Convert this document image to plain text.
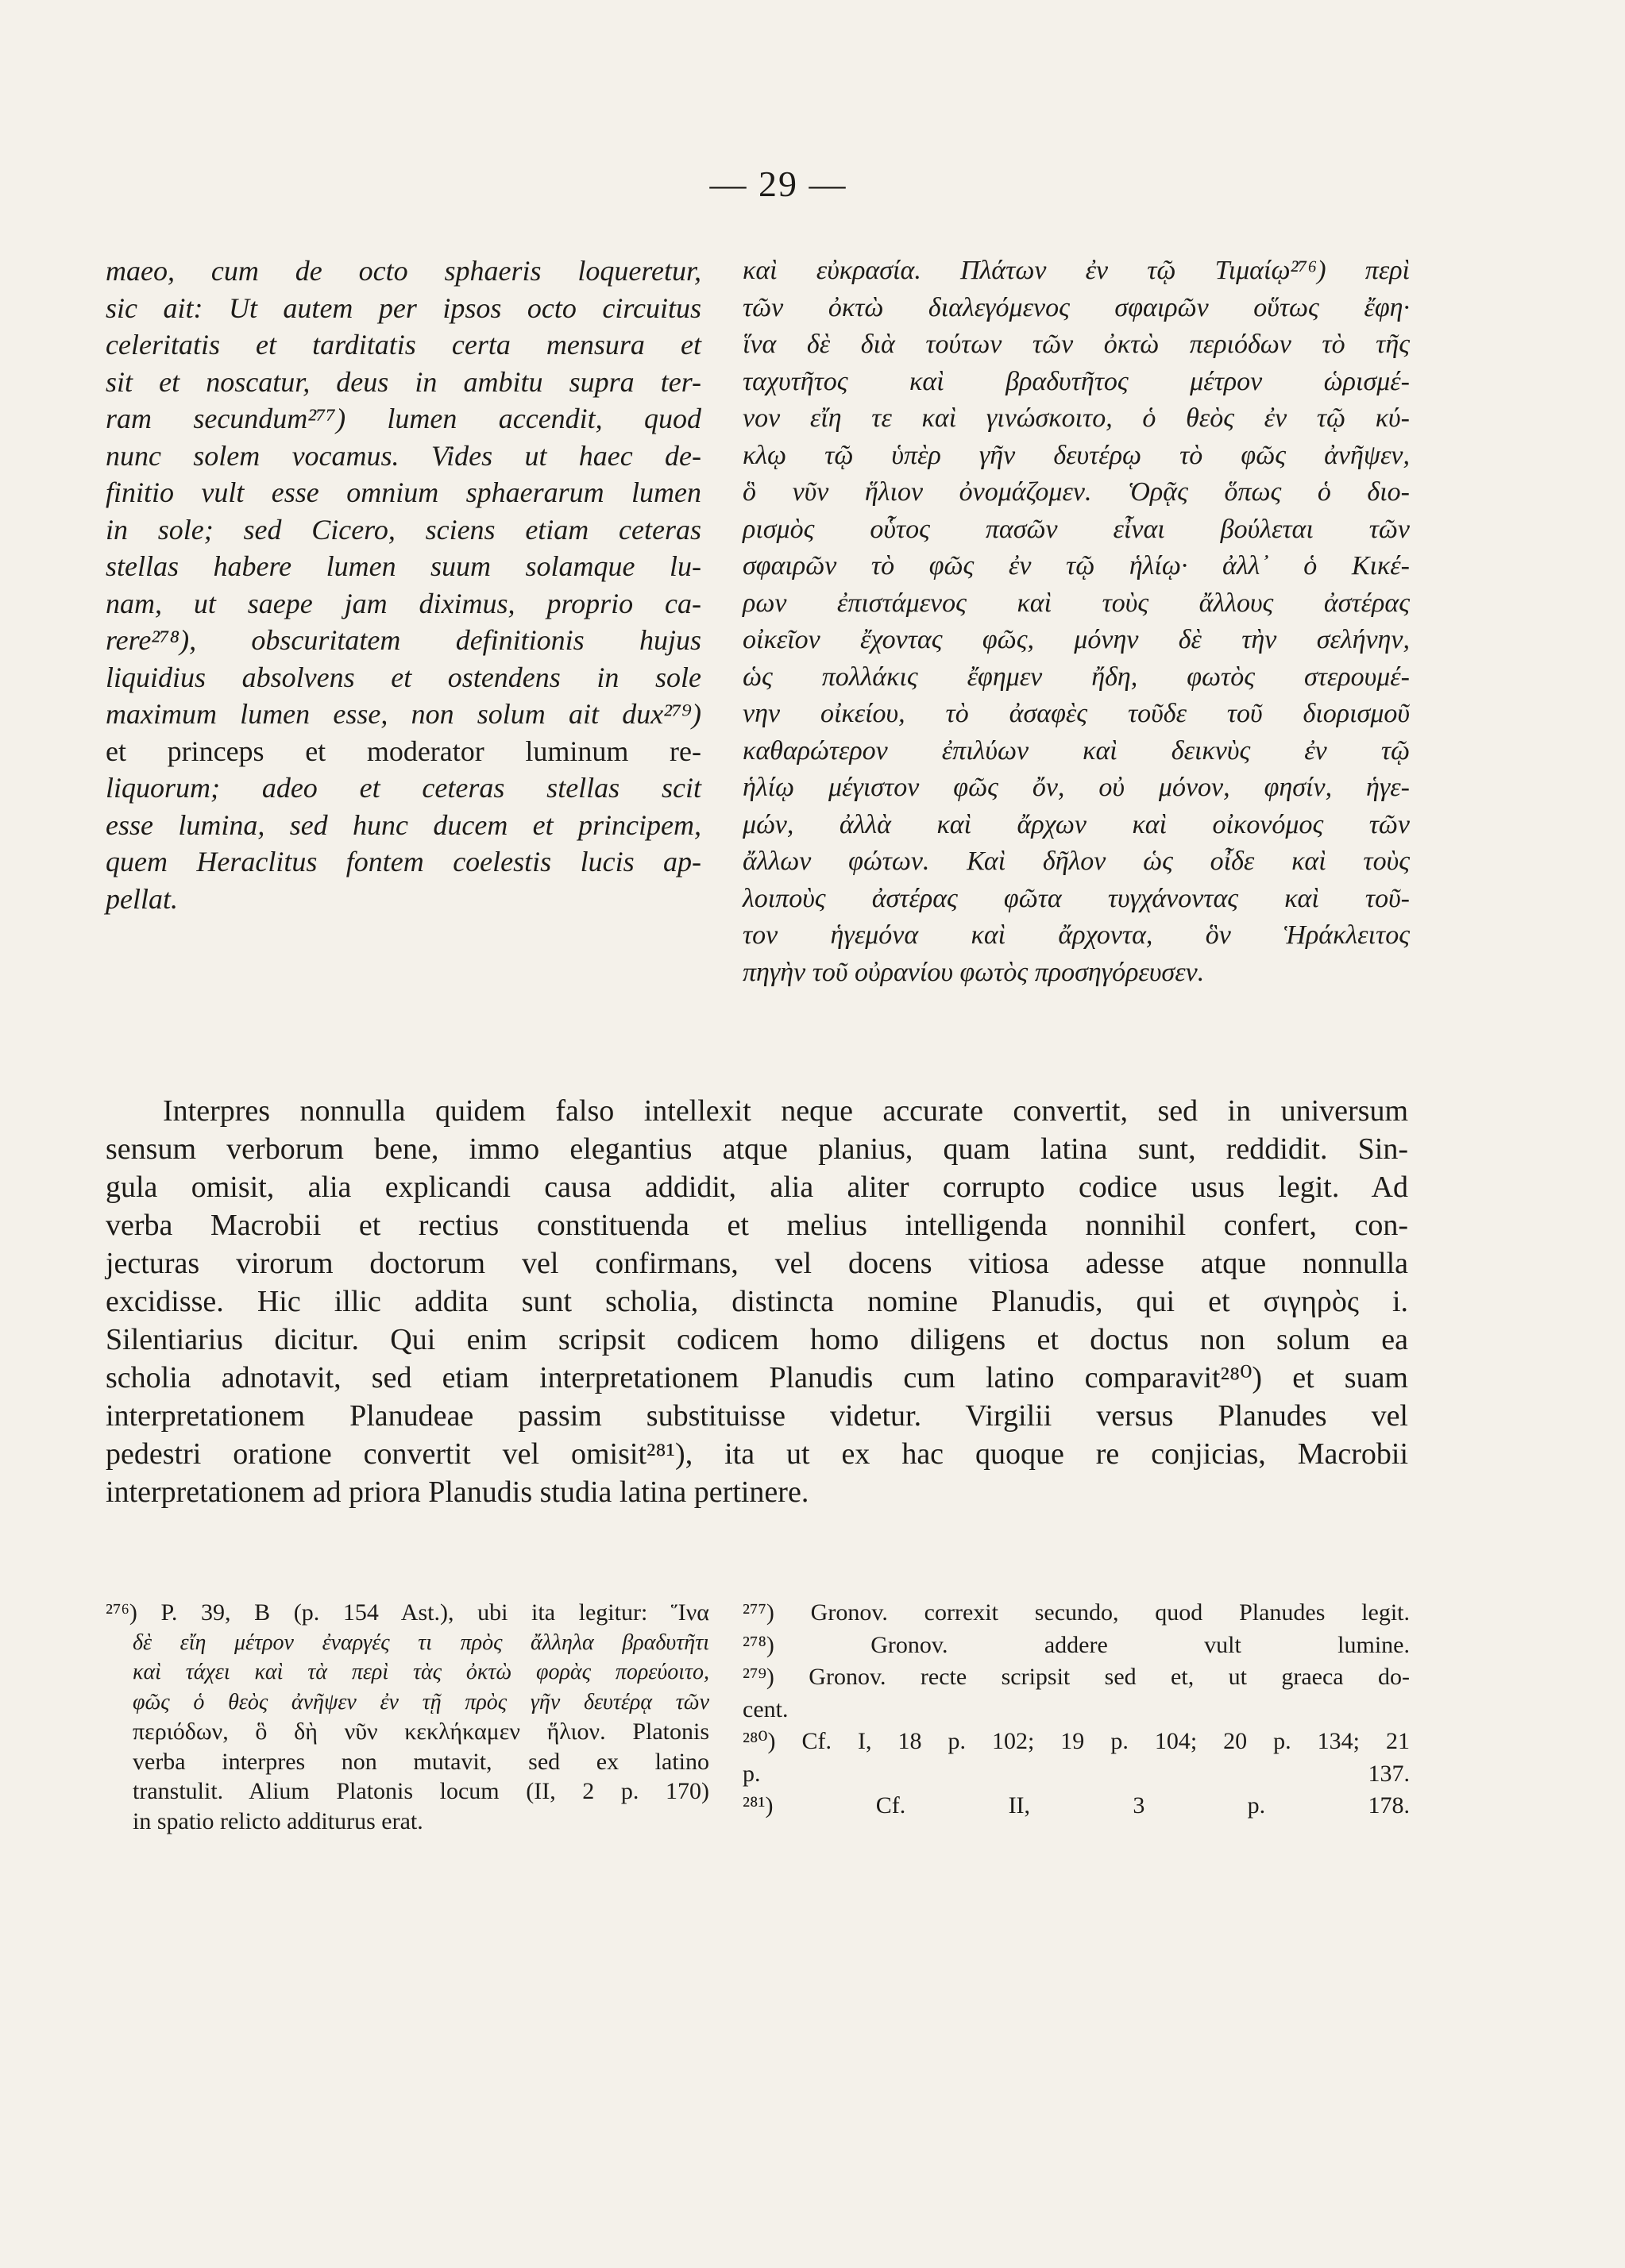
— 29 —
maeo, cum de octo sphaeris loqueretur,
sic ait: Ut autem per ipsos octo circuitus
celeritatis et tarditatis certa mensura et
sit et noscatur, deus in ambitu supra ter-
ram secundum²⁷⁷) lumen accendit, quod
nunc solem vocamus. Vides ut haec de-
finitio vult esse omnium sphaerarum lumen
in sole; sed Cicero, sciens etiam ceteras
stellas habere lumen suum solamque lu-
nam, ut saepe jam diximus, proprio ca-
rere²⁷⁸), obscuritatem definitionis hujus
liquidius absolvens et ostendens in sole
maximum lumen esse, non solum ait dux²⁷⁹)
et princeps et moderator luminum re-
liquorum; adeo et ceteras stellas scit
esse lumina, sed hunc ducem et principem,
quem Heraclitus fontem coelestis lucis ap-
pellat.
καὶ εὐκρασία. Πλάτων ἐν τῷ Τιμαίῳ²⁷⁶) περὶ
τῶν ὀκτὼ διαλεγόμενος σφαιρῶν οὕτως ἔφη·
ἵνα δὲ διὰ τούτων τῶν ὀκτὼ περιόδων τὸ τῆς
ταχυτῆτος καὶ βραδυτῆτος μέτρον ὡρισμέ-
νον εἴη τε καὶ γινώσκοιτο, ὁ θεὸς ἐν τῷ κύ-
κλῳ τῷ ὑπὲρ γῆν δευτέρῳ τὸ φῶς ἀνῆψεν,
ὃ νῦν ἥλιον ὀνομάζομεν. Ὁρᾷς ὅπως ὁ διο-
ρισμὸς οὗτος πασῶν εἶναι βούλεται τῶν
σφαιρῶν τὸ φῶς ἐν τῷ ἡλίῳ· ἀλλ᾽ ὁ Κικέ-
ρων ἐπιστάμενος καὶ τοὺς ἄλλους ἀστέρας
οἰκεῖον ἔχοντας φῶς, μόνην δὲ τὴν σελήνην,
ὡς πολλάκις ἔφημεν ἤδη, φωτὸς στερουμέ-
νην οἰκείου, τὸ ἀσαφὲς τοῦδε τοῦ διορισμοῦ
καθαρώτερον ἐπιλύων καὶ δεικνὺς ἐν τῷ
ἡλίῳ μέγιστον φῶς ὄν, οὐ μόνον, φησίν, ἡγε-
μών, ἀλλὰ καὶ ἄρχων καὶ οἰκονόμος τῶν
ἄλλων φώτων. Καὶ δῆλον ὡς οἶδε καὶ τοὺς
λοιποὺς ἀστέρας φῶτα τυγχάνοντας καὶ τοῦ-
τον ἡγεμόνα καὶ ἄρχοντα, ὃν Ἡράκλειτος
πηγὴν τοῦ οὐρανίου φωτὸς προσηγόρευσεν.
Interpres nonnulla quidem falso intellexit neque accurate convertit, sed in universum
sensum verborum bene, immo elegantius atque planius, quam latina sunt, reddidit. Sin-
gula omisit, alia explicandi causa addidit, alia aliter corrupto codice usus legit. Ad
verba Macrobii et rectius constituenda et melius intelligenda nonnihil confert, con-
jecturas virorum doctorum vel confirmans, vel docens vitiosa adesse atque nonnulla
excidisse. Hic illic addita sunt scholia, distincta nomine Planudis, qui et σιγηρὸς i.
Silentiarius dicitur. Qui enim scripsit codicem homo diligens et doctus non solum ea
scholia adnotavit, sed etiam interpretationem Planudis cum latino comparavit²⁸⁰) et suam
interpretationem Planudeae passim substituisse videtur. Virgilii versus Planudes vel
pedestri oratione convertit vel omisit²⁸¹), ita ut ex hac quoque re conjicias, Macrobii
interpretationem ad priora Planudis studia latina pertinere.
²⁷⁶) P. 39, B (p. 154 Ast.), ubi ita legitur: Ἵνα
δὲ εἴη μέτρον ἐναργές τι πρὸς ἄλληλα βραδυτῆτι
καὶ τάχει καὶ τὰ περὶ τὰς ὀκτὼ φορὰς πορεύοιτο,
φῶς ὁ θεὸς ἀνῆψεν ἐν τῇ πρὸς γῆν δευτέρᾳ τῶν
περιόδων, ὃ δὴ νῦν κεκλήκαμεν ἥλιον. Platonis
verba interpres non mutavit, sed ex latino
transtulit. Alium Platonis locum (II, 2 p. 170)
in spatio relicto additurus erat.
²⁷⁷) Gronov. correxit secundo, quod Planudes legit.
²⁷⁸) Gronov. addere vult lumine.
²⁷⁹) Gronov. recte scripsit sed et, ut graeca do-
cent.
²⁸⁰) Cf. I, 18 p. 102; 19 p. 104; 20 p. 134; 21
p. 137.
²⁸¹) Cf. II, 3 p. 178.
